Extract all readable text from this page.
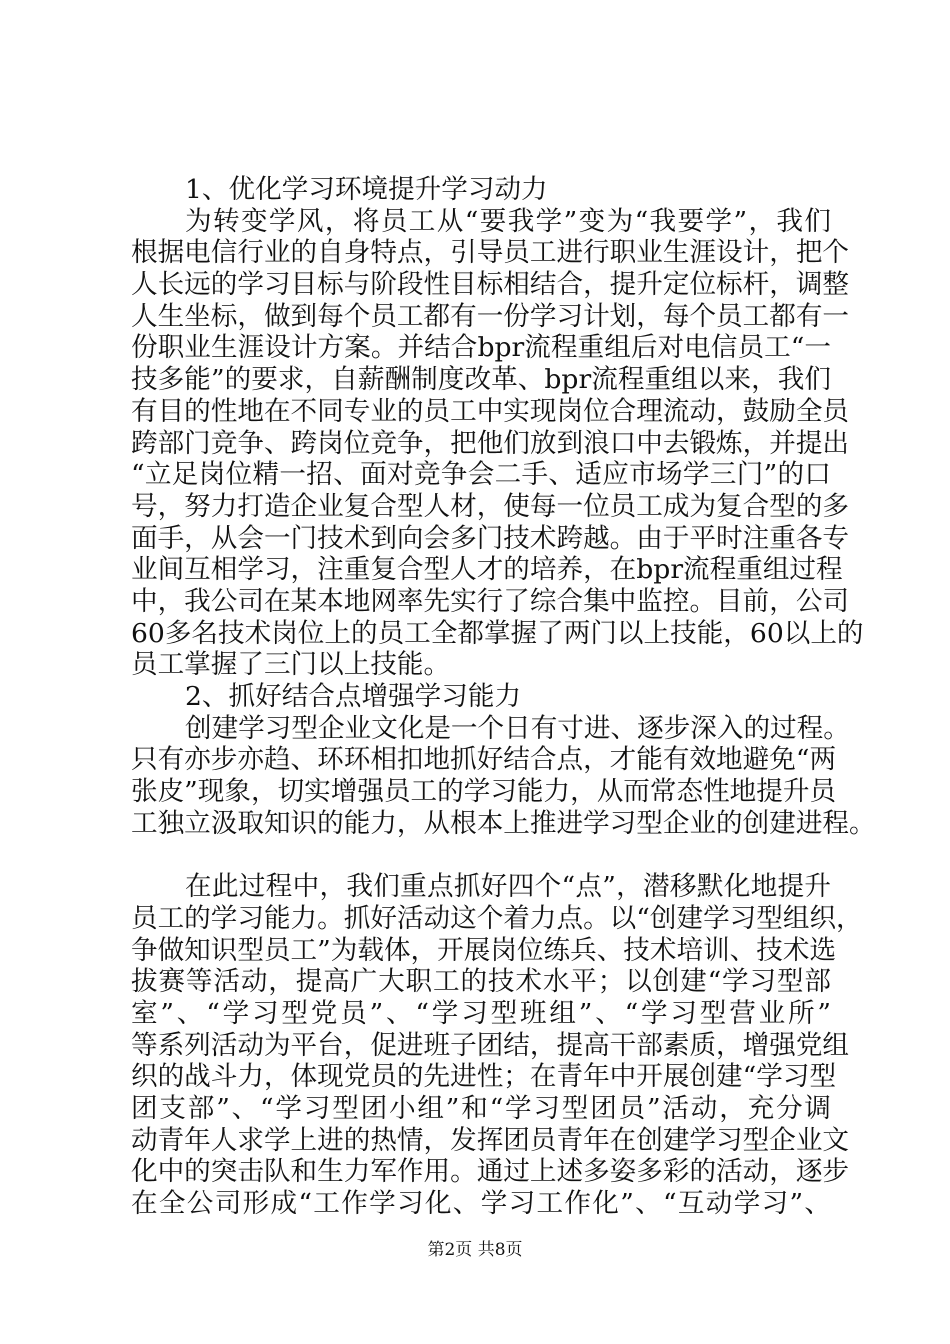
1、优化学习环境提升学习动力
为转变学风，将员工从“要我学”变为“我要学”，我们
根据电信行业的自身特点，引导员工进行职业生涯设计，把个
人长远的学习目标与阶段性目标相结合，提升定位标杆，调整
人生坐标，做到每个员工都有一份学习计划，每个员工都有一
份职业生涯设计方案。并结合bpr流程重组后对电信员工“一
技多能”的要求，自薪酬制度改革、bpr流程重组以来，我们
有目的性地在不同专业的员工中实现岗位合理流动，鼓励全员
跨部门竞争、跨岗位竞争，把他们放到浪口中去锻炼，并提出
“立足岗位精一招、面对竞争会二手、适应市场学三门”的口
号，努力打造企业复合型人材，使每一位员工成为复合型的多
面手，从会一门技术到向会多门技术跨越。由于平时注重各专
业间互相学习，注重复合型人才的培养，在bpr流程重组过程
中，我公司在某本地网率先实行了综合集中监控。目前，公司
60多名技术岗位上的员工全都掌握了两门以上技能，60以上的
员工掌握了三门以上技能。
2、抓好结合点增强学习能力
创建学习型企业文化是一个日有寸进、逐步深入的过程。
只有亦步亦趋、环环相扣地抓好结合点，才能有效地避免“两
张皮”现象，切实增强员工的学习能力，从而常态性地提升员
工独立汲取知识的能力，从根本上推进学习型企业的创建进程。
在此过程中，我们重点抓好四个“点”，潜移默化地提升
员工的学习能力。抓好活动这个着力点。以“创建学习型组织，
争做知识型员工”为载体，开展岗位练兵、技术培训、技术选
拔赛等活动，提高广大职工的技术水平；以创建“学习型部
室”、“学习型党员”、“学习型班组”、“学习型营业所”
等系列活动为平台，促进班子团结，提高干部素质，增强党组
织的战斗力，体现党员的先进性；在青年中开展创建“学习型
团支部”、“学习型团小组”和“学习型团员”活动，充分调
动青年人求学上进的热情，发挥团员青年在创建学习型企业文
化中的突击队和生力军作用。通过上述多姿多彩的活动，逐步
在全公司形成“工作学习化、学习工作化”、“互动学习”、
第2页 共8页
